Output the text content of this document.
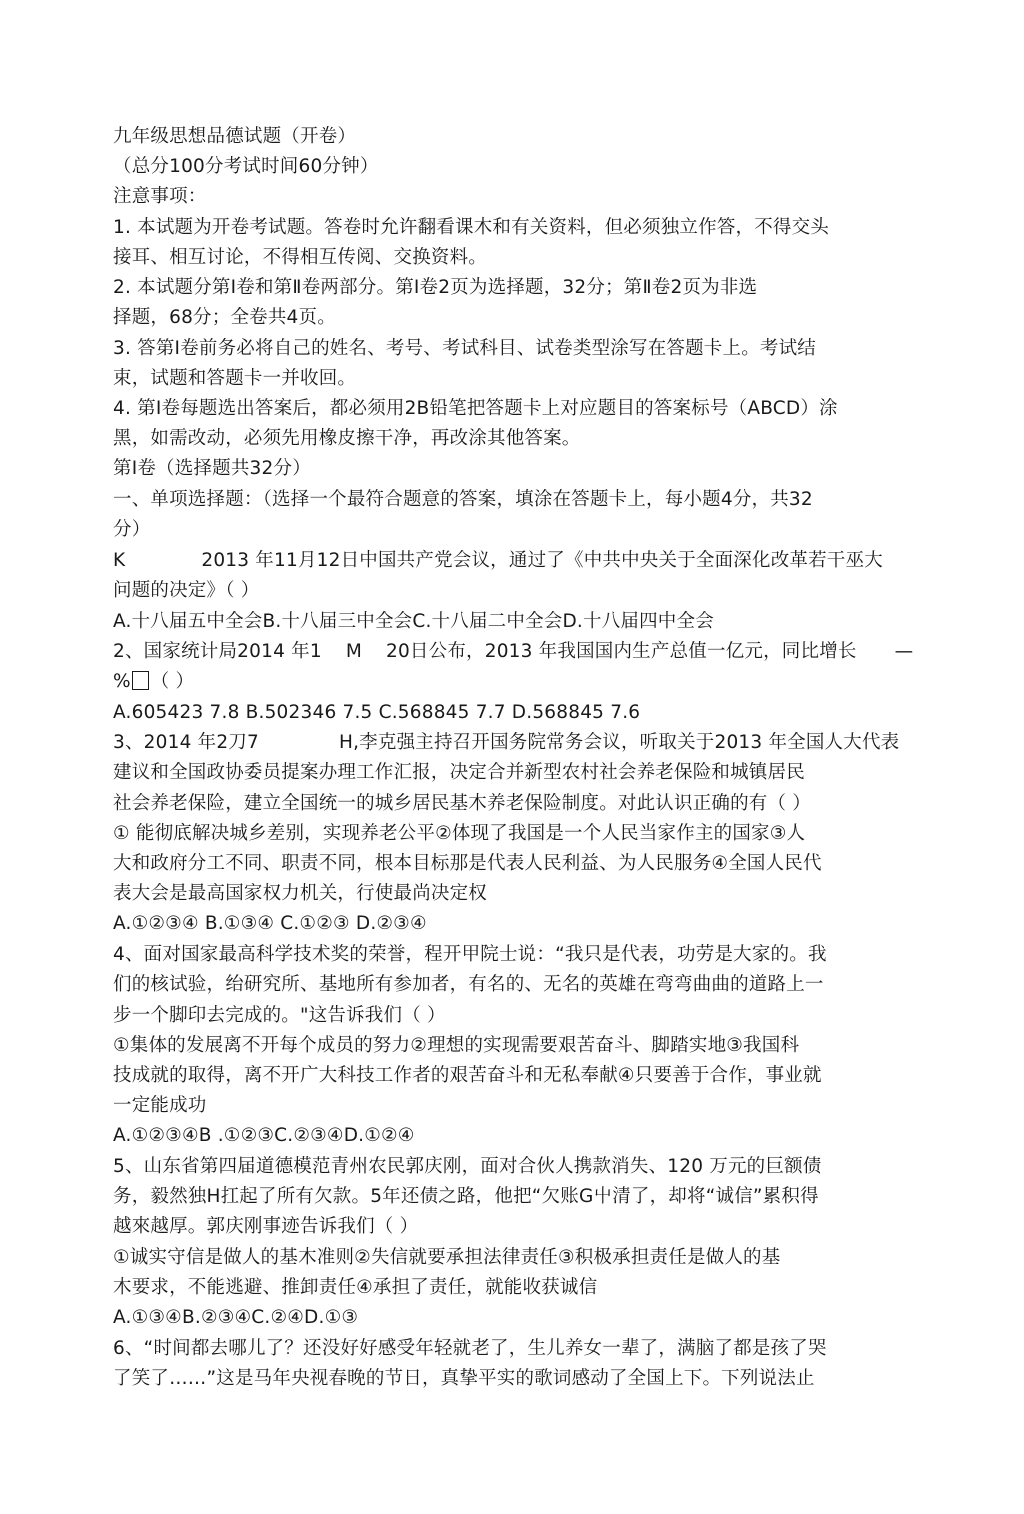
九年级思想品德试题（开卷）
（总分100分考试时间60分钟）
注意事项：
1. 本试题为开卷考试题。答卷时允许翻看课木和有关资料，但必须独立作答，不得交头
接耳、相互讨论，不得相互传阅、交换资料。
2. 本试题分第Ⅰ卷和第Ⅱ卷两部分。第Ⅰ卷2页为选择题，32分；第Ⅱ卷2页为非选
择题，68分；全卷共4页。
3. 答第Ⅰ卷前务必将自己的姓名、考号、考试科目、试卷类型涂写在答题卡上。考试结
束，试题和答题卡一并收回。
4. 第Ⅰ卷每题选出答案后，都必须用2B铅笔把答题卡上对应题目的答案标号（ABCD）涂
黑，如需改动，必须先用橡皮擦干净，再改涂其他答案。
第Ⅰ卷（选择题共32分）
一、单项选择题：（选择一个最符合题意的答案，填涂在答题卡上，每小题4分，共32
分）
K	2013 年11月12日中国共产党会议，通过了《中共中央关于全面深化改革若干巫大
问题的决定》（ ）
A.十八届五中全会B.十八届三中全会C.十八届二中全会D.十八届四中全会
2、国家统计局2014 年1 M 20日公布，2013 年我国国内生产总值一亿元，同比增长 —
% （ ）
A.605423 7.8 B.502346 7.5 C.568845 7.7 D.568845 7.6
3、2014 年2刀7	H,李克强主持召开国务院常务会议，听取关于2013 年全国人大代表
建议和全国政协委员提案办理工作汇报，决定合并新型农村社会养老保险和城镇居民
社会养老保险，建立全国统一的城乡居民基木养老保险制度。对此认识正确的有（ ）
① 能彻底解决城乡差别，实现养老公平②体现了我国是一个人民当家作主的国家③人
大和政府分工不同、职责不同，根本目标那是代表人民利益、为人民服务④全国人民代
表大会是最高国家权力机关，行使最尚决定权
A.①②③④ B.①③④ C.①②③ D.②③④
4、面对国家最高科学技术奖的荣誉，程开甲院士说：“我只是代表，功劳是大家的。我
们的核试验，绐研究所、基地所有参加者，有名的、无名的英雄在弯弯曲曲的道路上一
步一个脚印去完成的。"这告诉我们（ ）
①集体的发展离不开每个成员的努力②理想的实现需要艰苦奋斗、脚踏实地③我国科
技成就的取得，离不开广大科技工作者的艰苦奋斗和无私奉献④只要善于合作，事业就
一定能成功
A.①②③④B .①②③C.②③④D.①②④
5、山东省第四届道德模范青州农民郭庆刚，面对合伙人携款消失、120 万元的巨额债
务，毅然独H扛起了所有欠款。5年还债之路，他把“欠账G屮清了，却将“诚信”累积得
越來越厚。郭庆刚事迹告诉我们（ ）
①诚实守信是做人的基木准则②失信就要承担法律责任③积极承担责任是做人的基
木要求，不能逃避、推卸责任④承担了责任，就能收获诚信
A.①③④B.②③④C.②④D.①③
6、“时间都去哪儿了？还没好好感受年轻就老了，生儿养女一辈了，满脑了都是孩了哭
了笑了……”这是马年央视春晚的节日，真挚平实的歌词感动了全国上下。下列说法止
